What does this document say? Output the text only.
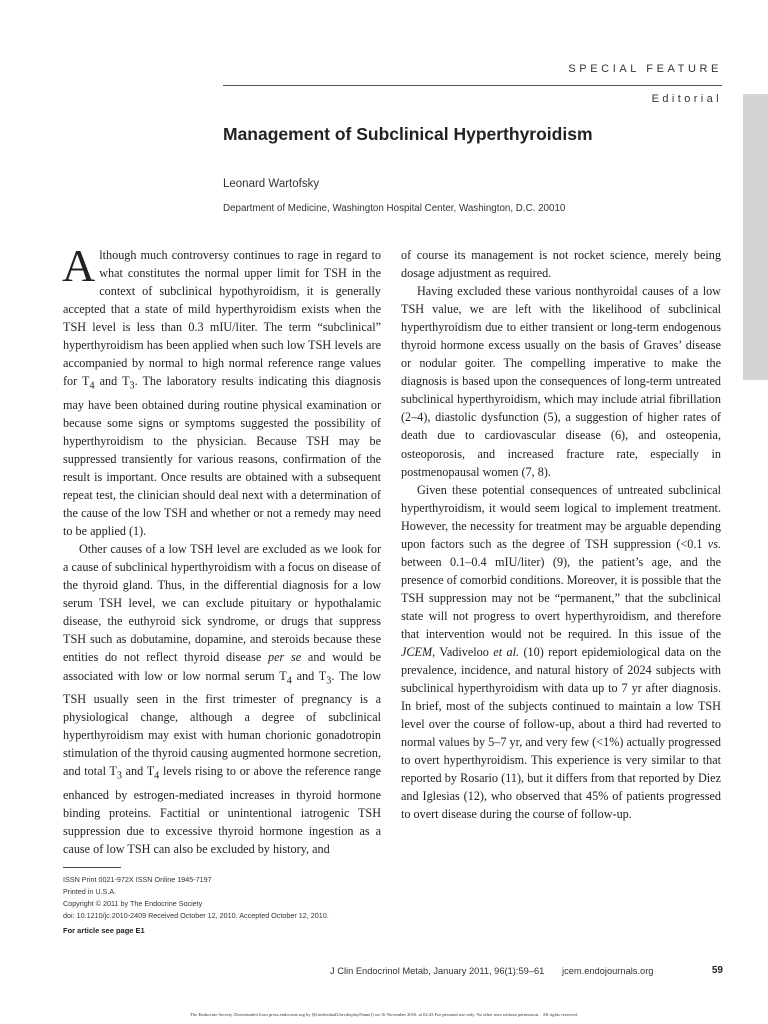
SPECIAL FEATURE
Editorial
Management of Subclinical Hyperthyroidism
Leonard Wartofsky
Department of Medicine, Washington Hospital Center, Washington, D.C. 20010

Although much controversy continues to rage in regard to what constitutes the normal upper limit for TSH in the context of subclinical hypothyroidism, it is generally accepted that a state of mild hyperthyroidism exists when the TSH level is less than 0.3 mIU/liter. The term “subclinical” hyperthyroidism has been applied when such low TSH levels are accompanied by normal to high normal reference range values for $T_4$ and $T_3$. The laboratory results indicating this diagnosis may have been obtained during routine physical examination or because some signs or symptoms suggested the possibility of hyperthyroidism to the physician. Because TSH may be suppressed transiently for various reasons, confirmation of the result is important. Once results are obtained with a subsequent repeat test, the clinician should deal next with a determination of the cause of the low TSH and whether or not a remedy may need to be applied (1).

Other causes of a low TSH level are excluded as we look for a cause of subclinical hyperthyroidism with a focus on disease of the thyroid gland. Thus, in the differential diagnosis for a low serum TSH level, we can exclude pituitary or hypothalamic disease, the euthyroid sick syndrome, or drugs that suppress TSH such as dobutamine, dopamine, and steroids because these entities do not reflect thyroid disease per se and would be associated with low or low normal serum $T_4$ and $T_3$. The low TSH usually seen in the first trimester of pregnancy is a physiological change, although a degree of subclinical hyperthyroidism may exist with human chorionic gonadotropin stimulation of the thyroid causing augmented hormone secretion, and total $T_3$ and $T_4$ levels rising to or above the reference range enhanced by estrogen-mediated increases in thyroid hormone binding proteins. Factitial or unintentional iatrogenic TSH suppression due to excessive thyroid hormone ingestion as a cause of low TSH can also be excluded by history, and

of course its management is not rocket science, merely being dosage adjustment as required.

Having excluded these various nonthyroidal causes of a low TSH value, we are left with the likelihood of subclinical hyperthyroidism due to either transient or long-term endogenous thyroid hormone excess usually on the basis of Graves’ disease or nodular goiter. The compelling imperative to make the diagnosis is based upon the consequences of long-term untreated subclinical hyperthyroidism, which may include atrial fibrillation (2–4), diastolic dysfunction (5), a suggestion of higher rates of death due to cardiovascular disease (6), and osteopenia, osteoporosis, and increased fracture rate, especially in postmenopausal women (7, 8).

Given these potential consequences of untreated subclinical hyperthyroidism, it would seem logical to implement treatment. However, the necessity for treatment may be arguable depending upon factors such as the degree of TSH suppression (<0.1 vs. between 0.1–0.4 mIU/liter) (9), the patient’s age, and the presence of comorbid conditions. Moreover, it is possible that the TSH suppression may not be “permanent,” that the subclinical state will not progress to overt hyperthyroidism, and therefore that intervention would not be required. In this issue of the JCEM, Vadiveloo et al. (10) report epidemiological data on the prevalence, incidence, and natural history of 2024 subjects with subclinical hyperthyroidism with data up to 7 yr after diagnosis. In brief, most of the subjects continued to maintain a low TSH level over the course of follow-up, about a third had reverted to normal values by 5–7 yr, and very few (<1%) actually progressed to overt hyperthyroidism. This experience is very similar to that reported by Rosario (11), but it differs from that reported by Diez and Iglesias (12), who observed that 45% of patients progressed to overt disease during the course of follow-up.

ISSN Print 0021-972X ISSN Online 1945-7197
Printed in U.S.A.
Copyright © 2011 by The Endocrine Society
doi: 10.1210/jc.2010-2409 Received October 12, 2010. Accepted October 12, 2010.
For article see page E1
J Clin Endocrinol Metab, January 2011, 96(1):59–61 jcem.endojournals.org	59
The Endocrine Society. Downloaded from press.endocrine.org by [${individualUser.displayName}] on 16 November 2016. at 02:43 For personal use only. No other uses without permission. . All rights reserved.
